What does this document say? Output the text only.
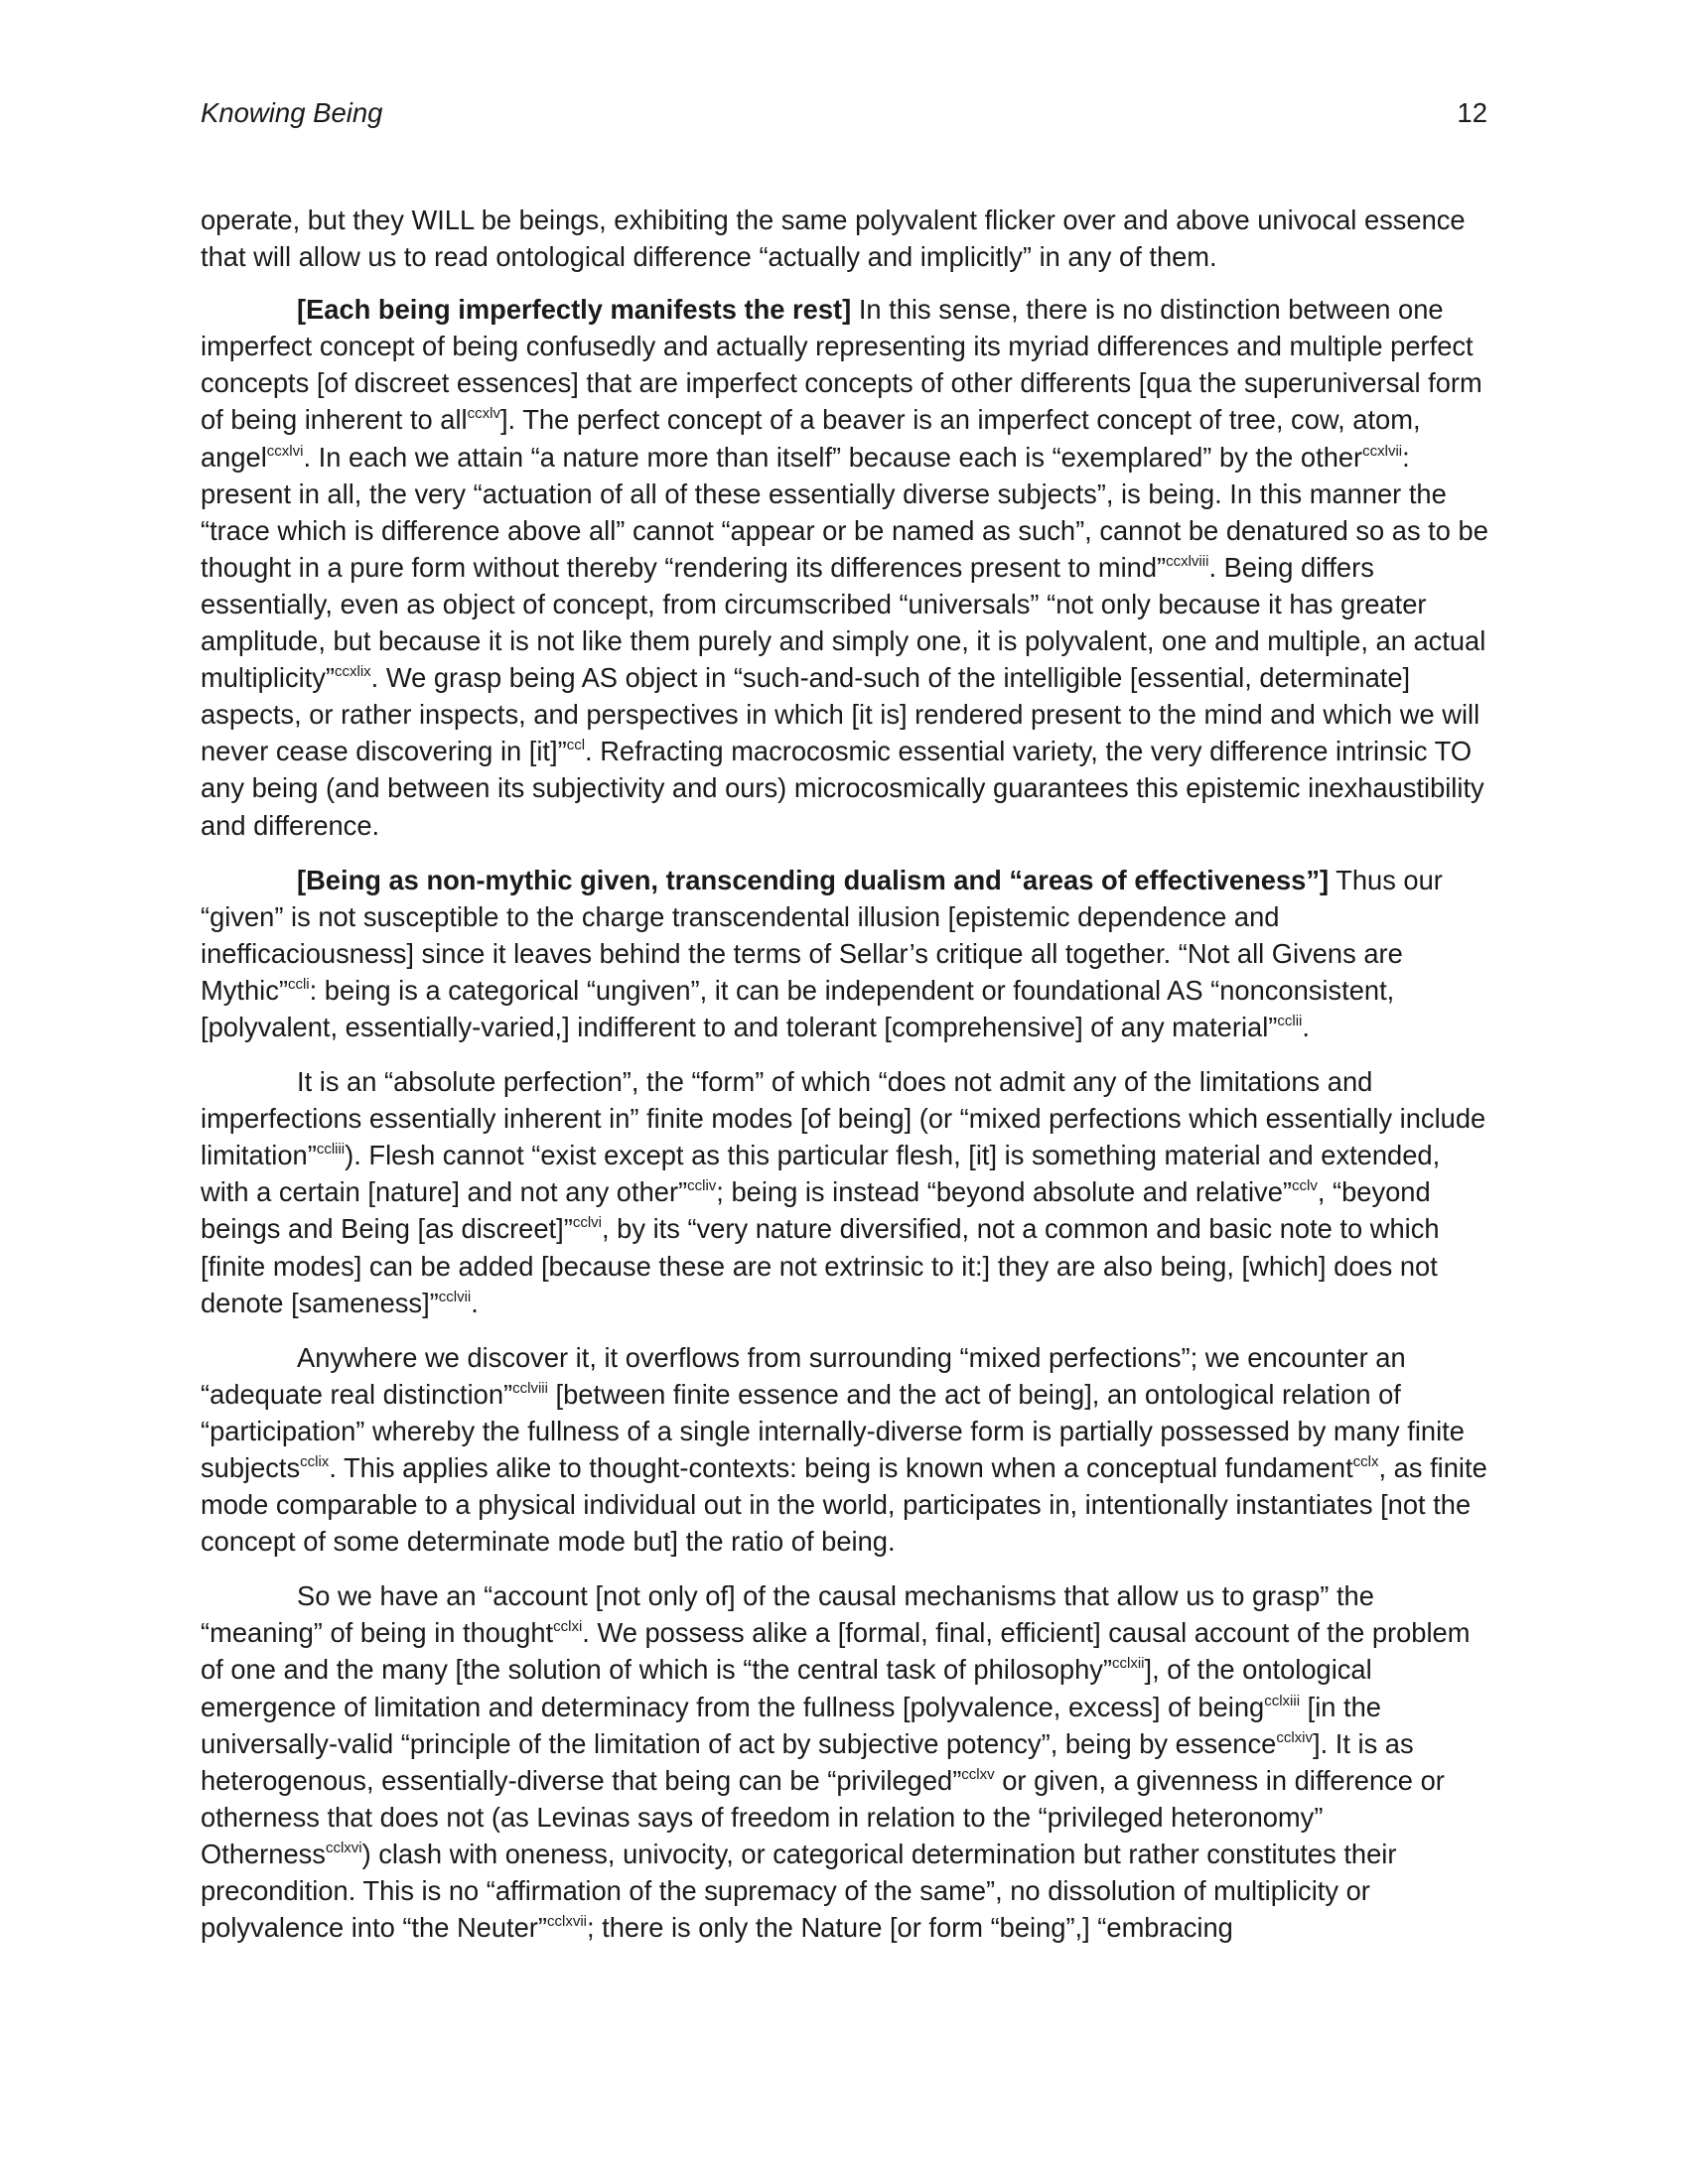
Knowing Being	12

operate, but they WILL be beings, exhibiting the same polyvalent flicker over and above univocal essence that will allow us to read ontological difference “actually and implicitly” in any of them.

[Each being imperfectly manifests the rest] In this sense, there is no distinction between one imperfect concept of being confusedly and actually representing its myriad differences and multiple perfect concepts [of discreet essences] that are imperfect concepts of other differents [qua the superuniversal form of being inherent to all$^{ccxlv}$]. The perfect concept of a beaver is an imperfect concept of tree, cow, atom, angel$^{ccxlvi}$. In each we attain “a nature more than itself” because each is “exemplared” by the other$^{ccxlvii}$: present in all, the very “actuation of all of these essentially diverse subjects”, is being. In this manner the “trace which is difference above all” cannot “appear or be named as such”, cannot be denatured so as to be thought in a pure form without thereby “rendering its differences present to mind”$^{ccxlviii}$. Being differs essentially, even as object of concept, from circumscribed “universals” “not only because it has greater amplitude, but because it is not like them purely and simply one, it is polyvalent, one and multiple, an actual multiplicity”$^{ccxlix}$. We grasp being AS object in “such-and-such of the intelligible [essential, determinate] aspects, or rather inspects, and perspectives in which [it is] rendered present to the mind and which we will never cease discovering in [it]”$^{ccl}$. Refracting macrocosmic essential variety, the very difference intrinsic TO any being (and between its subjectivity and ours) microcosmically guarantees this epistemic inexhaustibility and difference.

[Being as non-mythic given, transcending dualism and “areas of effectiveness”] Thus our “given” is not susceptible to the charge transcendental illusion [epistemic dependence and inefficaciousness] since it leaves behind the terms of Sellar’s critique all together. “Not all Givens are Mythic”$^{ccli}$: being is a categorical “ungiven”, it can be independent or foundational AS “nonconsistent, [polyvalent, essentially-varied,] indifferent to and tolerant [comprehensive] of any material”$^{cclii}$.

It is an “absolute perfection”, the “form” of which “does not admit any of the limitations and imperfections essentially inherent in” finite modes [of being] (or “mixed perfections which essentially include limitation”$^{ccliii}$). Flesh cannot “exist except as this particular flesh, [it] is something material and extended, with a certain [nature] and not any other”$^{ccliv}$; being is instead “beyond absolute and relative”$^{cclv}$, “beyond beings and Being [as discreet]”$^{cclvi}$, by its “very nature diversified, not a common and basic note to which [finite modes] can be added [because these are not extrinsic to it:] they are also being, [which] does not denote [sameness]”$^{cclvii}$.

Anywhere we discover it, it overflows from surrounding “mixed perfections”; we encounter an “adequate real distinction”$^{cclviii}$ [between finite essence and the act of being], an ontological relation of “participation” whereby the fullness of a single internally-diverse form is partially possessed by many finite subjects$^{cclix}$. This applies alike to thought-contexts: being is known when a conceptual fundament$^{cclx}$, as finite mode comparable to a physical individual out in the world, participates in, intentionally instantiates [not the concept of some determinate mode but] the ratio of being.

So we have an “account [not only of] of the causal mechanisms that allow us to grasp” the “meaning” of being in thought$^{cclxi}$. We possess alike a [formal, final, efficient] causal account of the problem of one and the many [the solution of which is “the central task of philosophy”$^{cclxii}$], of the ontological emergence of limitation and determinacy from the fullness [polyvalence, excess] of being$^{cclxiii}$ [in the universally-valid “principle of the limitation of act by subjective potency”, being by essence$^{cclxiv}$]. It is as heterogenous, essentially-diverse that being can be “privileged”$^{cclxv}$ or given, a givenness in difference or otherness that does not (as Levinas says of freedom in relation to the “privileged heteronomy” Otherness$^{cclxvi}$) clash with oneness, univocity, or categorical determination but rather constitutes their precondition. This is no “affirmation of the supremacy of the same”, no dissolution of multiplicity or polyvalence into “the Neuter”$^{cclxvii}$; there is only the Nature [or form “being”,] “embracing
